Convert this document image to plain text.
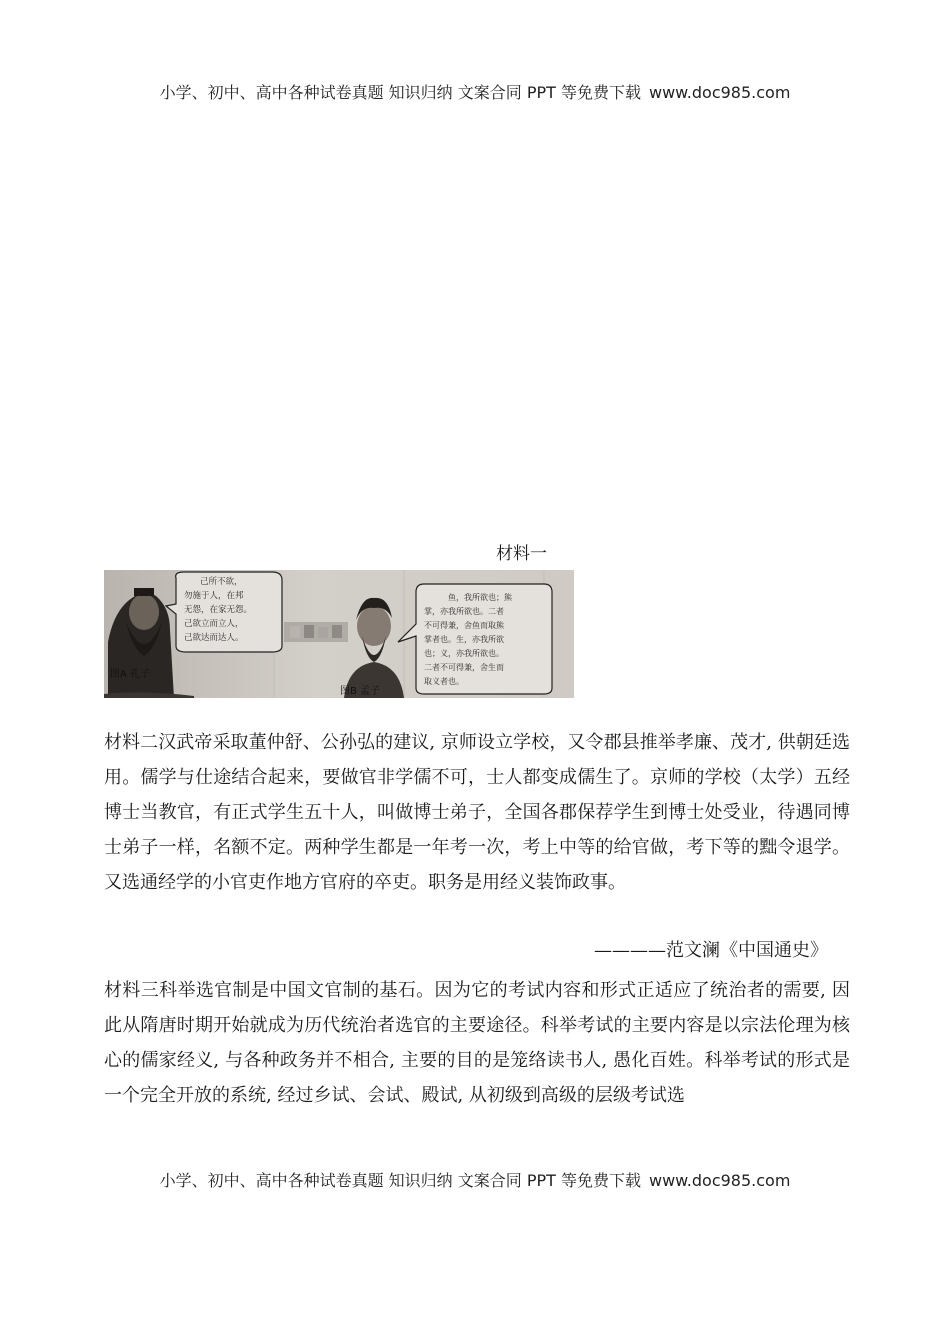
小学、初中、高中各种试卷真题 知识归纳 文案合同 PPT 等免费下载 www.doc985.com
材料一
图A 孔子
己所不欲，
勿施于人，在邦
无怨，在家无怨。
己欲立而立人，
己欲达而达人。
图B 孟子
鱼，我所欲也；熊
掌，亦我所欲也。二者
不可得兼，舍鱼而取熊
掌者也。生，亦我所欲
也；义，亦我所欲也。
二者不可得兼，舍生而
取义者也。

材料二汉武帝采取董仲舒、公孙弘的建议, 京师设立学校，又令郡县推举孝廉、茂才, 供朝廷选用。儒学与仕途结合起来，要做官非学儒不可，士人都变成儒生了。京师的学校（太学）五经博士当教官，有正式学生五十人，叫做博士弟子，全国各郡保荐学生到博士处受业，待遇同博士弟子一样，名额不定。两种学生都是一年考一次，考上中等的给官做，考下等的黜令退学。又选通经学的小官吏作地方官府的卒吏。职务是用经义装饰政事。

————范文澜《中国通史》

材料三科举选官制是中国文官制的基石。因为它的考试内容和形式正适应了统治者的需要, 因此从隋唐时期开始就成为历代统治者选官的主要途径。科举考试的主要内容是以宗法伦理为核心的儒家经义, 与各种政务并不相合, 主要的目的是笼络读书人, 愚化百姓。科举考试的形式是一个完全开放的系统, 经过乡试、会试、殿试, 从初级到高级的层级考试选

小学、初中、高中各种试卷真题 知识归纳 文案合同 PPT 等免费下载 www.doc985.com
